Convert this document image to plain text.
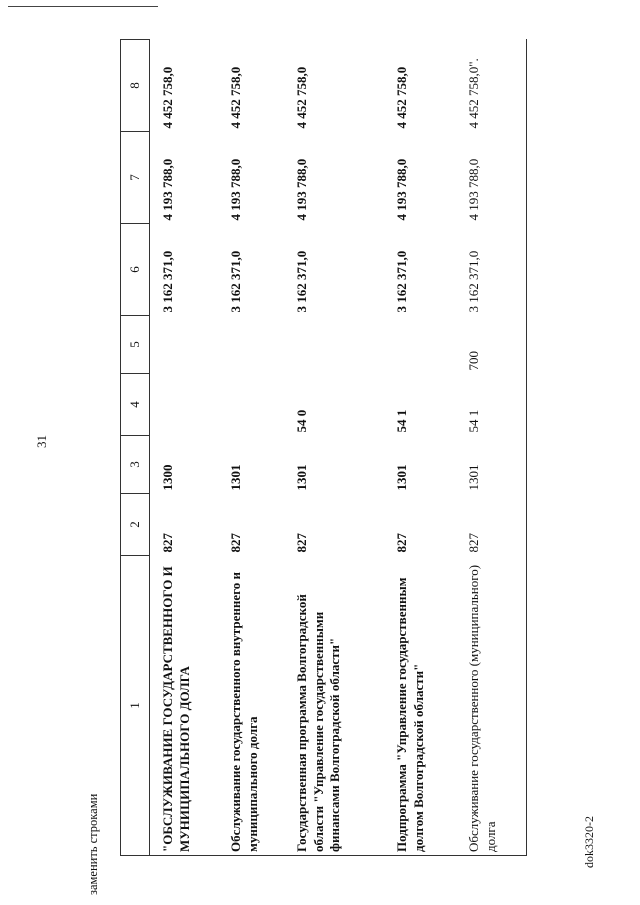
31
заменить строками	dok3320-2
1	2	3	4	5	6	7	8
"ОБСЛУЖИВАНИЕ ГОСУДАРСТВЕННОГО И МУНИЦИПАЛЬНОГО ДОЛГА	827	1300			3 162 371,0	4 193 788,0	4 452 758,0
Обслуживание государственного внутреннего и муниципального долга	827	1301			3 162 371,0	4 193 788,0	4 452 758,0
Государственная программа Волгоградской области "Управление государственными финансами Волгоградской области"	827	1301	54 0		3 162 371,0	4 193 788,0	4 452 758,0
Подпрограмма "Управление государственным долгом Волгоградской области"	827	1301	54 1		3 162 371,0	4 193 788,0	4 452 758,0
Обслуживание государственного (муниципального) долга	827	1301	54 1	700	3 162 371,0	4 193 788,0	4 452 758,0".
